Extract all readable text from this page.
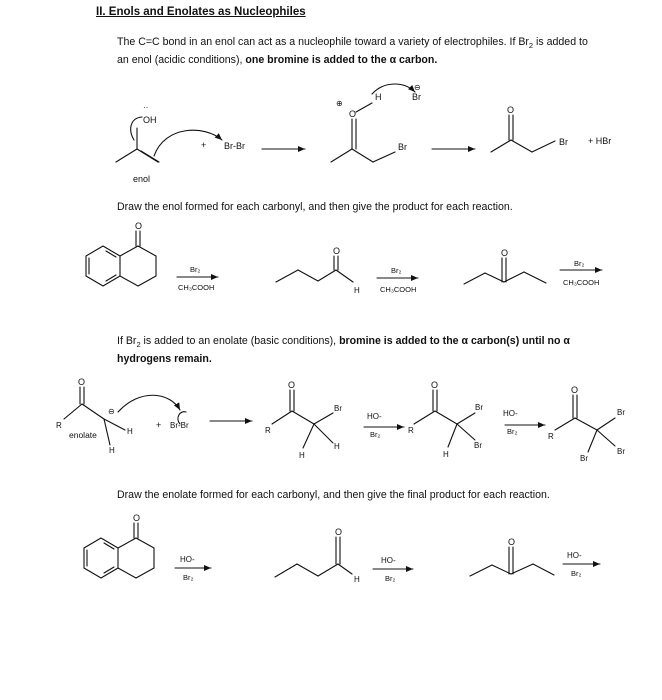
II. Enols and Enolates as Nucleophiles
The C=C bond in an enol can act as a nucleophile toward a variety of electrophiles. If $Br_2$ is added to an enol (acidic conditions), one bromine is added to the α carbon.
Draw the enol formed for each carbonyl, and then give the product for each reaction.
If $Br_2$ is added to an enolate (basic conditions), bromine is added to the α carbon(s) until no α hydrogens remain.
Draw the enolate formed for each carbonyl, and then give the final product for each reaction.
··
OH
enol
+ Br-Br
O
⊕
H	Br
⊖
Br
O
Br + HBr
O
Br₂
CH₃COOH
O
H
Br₂
CH₃COOH
O
Br₂
CH₃COOH
O
R
⊖
enolate	H
H
+ Br-Br
O
R
Br
H
H
HO-
Br₂
O
R
Br
Br
H
HO-
Br₂
O
R
Br
Br
Br
O
HO-
Br₂
O
H
HO-
Br₂
O
HO-
Br₂
